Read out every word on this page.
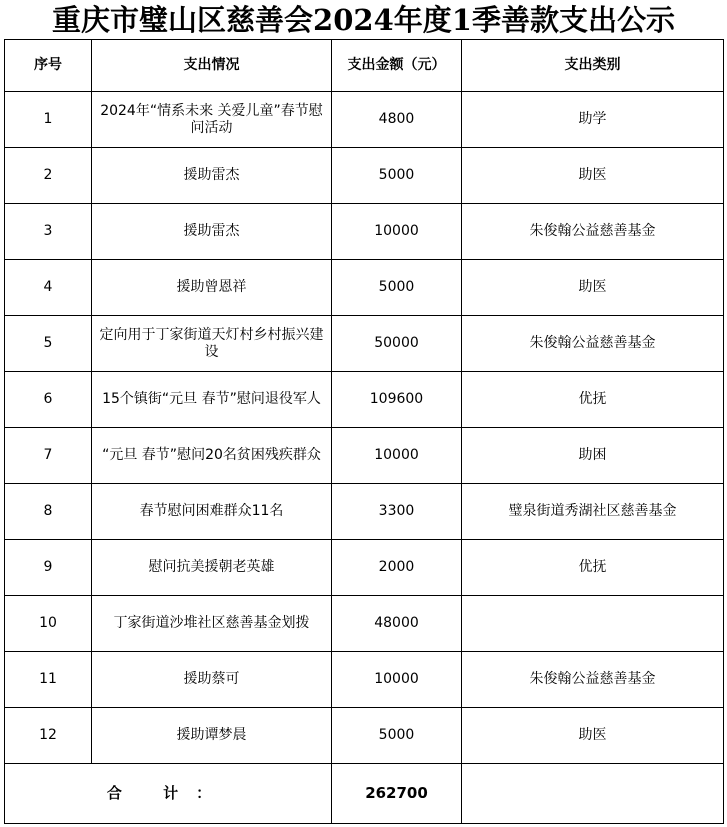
重庆市璧山区慈善会2024年度1季善款支出公示
序号	支出情况	支出金额（元）	支出类别
1	2024年“情系未来 关爱儿童”春节慰问活动	4800	助学
2	援助雷杰	5000	助医
3	援助雷杰	10000	朱俊翰公益慈善基金
4	援助曾恩祥	5000	助医
5	定向用于丁家街道天灯村乡村振兴建设	50000	朱俊翰公益慈善基金
6	15个镇街“元旦 春节”慰问退役军人	109600	优抚
7	“元旦 春节”慰问20名贫困残疾群众	10000	助困
8	春节慰问困难群众11名	3300	璧泉街道秀湖社区慈善基金
9	慰问抗美援朝老英雄	2000	优抚
10	丁家街道沙堆社区慈善基金划拨	48000	
11	援助蔡可	10000	朱俊翰公益慈善基金
12	援助谭梦晨	5000	助医
合 计：		262700	
